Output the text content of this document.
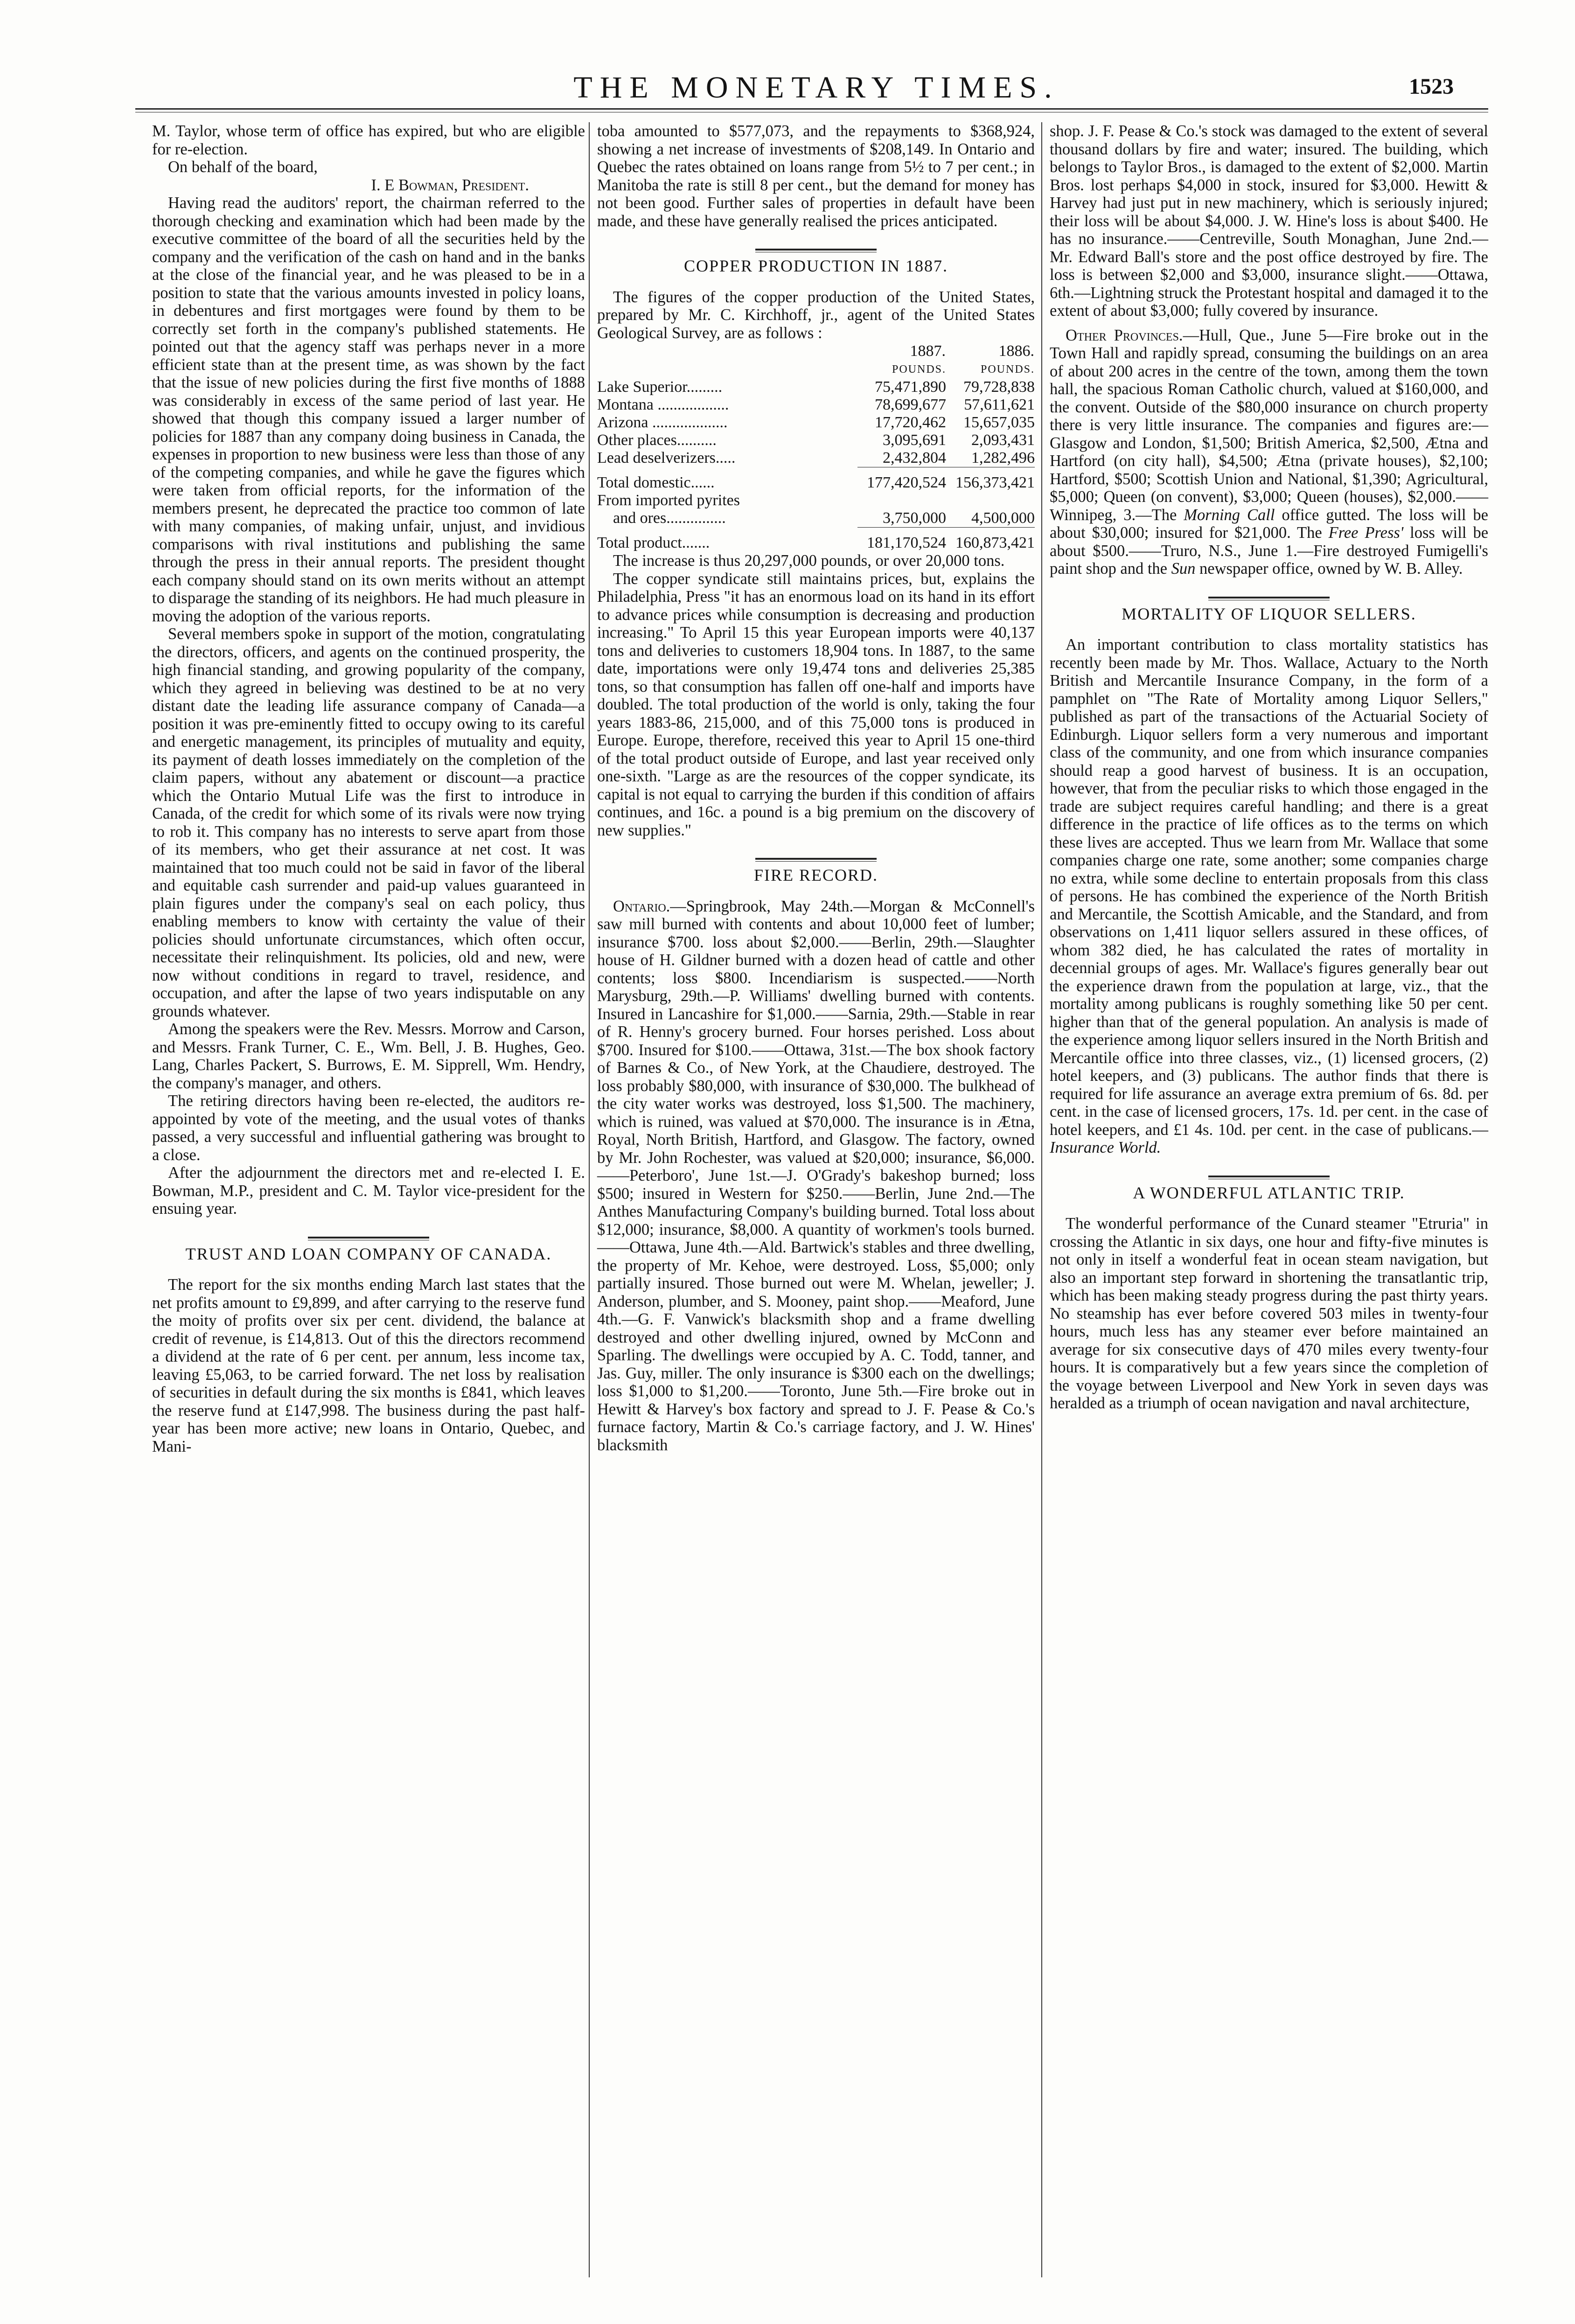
THE MONETARY TIMES.	1523

M. Taylor, whose term of office has expired, but who are eligible for re-election.

On behalf of the board,

I. E Bowman, President.

Having read the auditors' report, the chairman referred to the thorough checking and examination which had been made by the executive committee of the board of all the securities held by the company and the verification of the cash on hand and in the banks at the close of the financial year, and he was pleased to be in a position to state that the various amounts invested in policy loans, in debentures and first mortgages were found by them to be correctly set forth in the company's published statements. He pointed out that the agency staff was perhaps never in a more efficient state than at the present time, as was shown by the fact that the issue of new policies during the first five months of 1888 was considerably in excess of the same period of last year. He showed that though this company issued a larger number of policies for 1887 than any company doing business in Canada, the expenses in proportion to new business were less than those of any of the competing companies, and while he gave the figures which were taken from official reports, for the information of the members present, he deprecated the practice too common of late with many companies, of making unfair, unjust, and invidious comparisons with rival institutions and publishing the same through the press in their annual reports. The president thought each company should stand on its own merits without an attempt to disparage the standing of its neighbors. He had much pleasure in moving the adoption of the various reports.

Several members spoke in support of the motion, congratulating the directors, officers, and agents on the continued prosperity, the high financial standing, and growing popularity of the company, which they agreed in believing was destined to be at no very distant date the leading life assurance company of Canada—a position it was pre-eminently fitted to occupy owing to its careful and energetic management, its principles of mutuality and equity, its payment of death losses immediately on the completion of the claim papers, without any abatement or discount—a practice which the Ontario Mutual Life was the first to introduce in Canada, of the credit for which some of its rivals were now trying to rob it. This company has no interests to serve apart from those of its members, who get their assurance at net cost. It was maintained that too much could not be said in favor of the liberal and equitable cash surrender and paid-up values guaranteed in plain figures under the company's seal on each policy, thus enabling members to know with certainty the value of their policies should unfortunate circumstances, which often occur, necessitate their relinquishment. Its policies, old and new, were now without conditions in regard to travel, residence, and occupation, and after the lapse of two years indisputable on any grounds whatever.

Among the speakers were the Rev. Messrs. Morrow and Carson, and Messrs. Frank Turner, C. E., Wm. Bell, J. B. Hughes, Geo. Lang, Charles Packert, S. Burrows, E. M. Sipprell, Wm. Hendry, the company's manager, and others.

The retiring directors having been re-elected, the auditors re-appointed by vote of the meeting, and the usual votes of thanks passed, a very successful and influential gathering was brought to a close.

After the adjournment the directors met and re-elected I. E. Bowman, M.P., president and C. M. Taylor vice-president for the ensuing year.

TRUST AND LOAN COMPANY OF CANADA.

The report for the six months ending March last states that the net profits amount to £9,899, and after carrying to the reserve fund the moity of profits over six per cent. dividend, the balance at credit of revenue, is £14,813. Out of this the directors recommend a dividend at the rate of 6 per cent. per annum, less income tax, leaving £5,063, to be carried forward. The net loss by realisation of securities in default during the six months is £841, which leaves the reserve fund at £147,998. The business during the past half-year has been more active; new loans in Ontario, Quebec, and Mani-

toba amounted to $577,073, and the repayments to $368,924, showing a net increase of investments of $208,149. In Ontario and Quebec the rates obtained on loans range from 5½ to 7 per cent.; in Manitoba the rate is still 8 per cent., but the demand for money has not been good. Further sales of properties in default have been made, and these have generally realised the prices anticipated.

COPPER PRODUCTION IN 1887.

The figures of the copper production of the United States, prepared by Mr. C. Kirchhoff, jr., agent of the United States Geological Survey, are as follows :

	1887.	1886.
	POUNDS.	POUNDS.
Lake Superior.........	75,471,890	79,728,838
Montana ..................	78,699,677	57,611,621
Arizona ...................	17,720,462	15,657,035
Other places..........	3,095,691	2,093,431
Lead deselverizers.....	2,432,804	1,282,496
Total domestic......	177,420,524	156,373,421
From imported pyrites		
and ores...............	3,750,000	4,500,000
Total product.......	181,170,524	160,873,421

The increase is thus 20,297,000 pounds, or over 20,000 tons.

The copper syndicate still maintains prices, but, explains the Philadelphia, Press "it has an enormous load on its hand in its effort to advance prices while consumption is decreasing and production increasing." To April 15 this year European imports were 40,137 tons and deliveries to customers 18,904 tons. In 1887, to the same date, importations were only 19,474 tons and deliveries 25,385 tons, so that consumption has fallen off one-half and imports have doubled. The total production of the world is only, taking the four years 1883-86, 215,000, and of this 75,000 tons is produced in Europe. Europe, therefore, received this year to April 15 one-third of the total product outside of Europe, and last year received only one-sixth. "Large as are the resources of the copper syndicate, its capital is not equal to carrying the burden if this condition of affairs continues, and 16c. a pound is a big premium on the discovery of new supplies."

FIRE RECORD.

Ontario.—Springbrook, May 24th.—Morgan & McConnell's saw mill burned with contents and about 10,000 feet of lumber; insurance $700. loss about $2,000.——Berlin, 29th.—Slaughter house of H. Gildner burned with a dozen head of cattle and other contents; loss $800. Incendiarism is suspected.——North Marysburg, 29th.—P. Williams' dwelling burned with contents. Insured in Lancashire for $1,000.——Sarnia, 29th.—Stable in rear of R. Henny's grocery burned. Four horses perished. Loss about $700. Insured for $100.——Ottawa, 31st.—The box shook factory of Barnes & Co., of New York, at the Chaudiere, destroyed. The loss probably $80,000, with insurance of $30,000. The bulkhead of the city water works was destroyed, loss $1,500. The machinery, which is ruined, was valued at $70,000. The insurance is in Ætna, Royal, North British, Hartford, and Glasgow. The factory, owned by Mr. John Rochester, was valued at $20,000; insurance, $6,000.——Peterboro', June 1st.—J. O'Grady's bakeshop burned; loss $500; insured in Western for $250.——Berlin, June 2nd.—The Anthes Manufacturing Company's building burned. Total loss about $12,000; insurance, $8,000. A quantity of workmen's tools burned.——Ottawa, June 4th.—Ald. Bartwick's stables and three dwelling, the property of Mr. Kehoe, were destroyed. Loss, $5,000; only partially insured. Those burned out were M. Whelan, jeweller; J. Anderson, plumber, and S. Mooney, paint shop.——Meaford, June 4th.—G. F. Vanwick's blacksmith shop and a frame dwelling destroyed and other dwelling injured, owned by McConn and Sparling. The dwellings were occupied by A. C. Todd, tanner, and Jas. Guy, miller. The only insurance is $300 each on the dwellings; loss $1,000 to $1,200.——Toronto, June 5th.—Fire broke out in Hewitt & Harvey's box factory and spread to J. F. Pease & Co.'s furnace factory, Martin & Co.'s carriage factory, and J. W. Hines' blacksmith

shop. J. F. Pease & Co.'s stock was damaged to the extent of several thousand dollars by fire and water; insured. The building, which belongs to Taylor Bros., is damaged to the extent of $2,000. Martin Bros. lost perhaps $4,000 in stock, insured for $3,000. Hewitt & Harvey had just put in new machinery, which is seriously injured; their loss will be about $4,000. J. W. Hine's loss is about $400. He has no insurance.——Centreville, South Monaghan, June 2nd.—Mr. Edward Ball's store and the post office destroyed by fire. The loss is between $2,000 and $3,000, insurance slight.——Ottawa, 6th.—Lightning struck the Protestant hospital and damaged it to the extent of about $3,000; fully covered by insurance.

Other Provinces.—Hull, Que., June 5—Fire broke out in the Town Hall and rapidly spread, consuming the buildings on an area of about 200 acres in the centre of the town, among them the town hall, the spacious Roman Catholic church, valued at $160,000, and the convent. Outside of the $80,000 insurance on church property there is very little insurance. The companies and figures are:—Glasgow and London, $1,500; British America, $2,500, Ætna and Hartford (on city hall), $4,500; Ætna (private houses), $2,100; Hartford, $500; Scottish Union and National, $1,390; Agricultural, $5,000; Queen (on convent), $3,000; Queen (houses), $2,000.——Winnipeg, 3.—The Morning Call office gutted. The loss will be about $30,000; insured for $21,000. The Free Press' loss will be about $500.——Truro, N.S., June 1.—Fire destroyed Fumigelli's paint shop and the Sun newspaper office, owned by W. B. Alley.

MORTALITY OF LIQUOR SELLERS.

An important contribution to class mortality statistics has recently been made by Mr. Thos. Wallace, Actuary to the North British and Mercantile Insurance Company, in the form of a pamphlet on "The Rate of Mortality among Liquor Sellers," published as part of the transactions of the Actuarial Society of Edinburgh. Liquor sellers form a very numerous and important class of the community, and one from which insurance companies should reap a good harvest of business. It is an occupation, however, that from the peculiar risks to which those engaged in the trade are subject requires careful handling; and there is a great difference in the practice of life offices as to the terms on which these lives are accepted. Thus we learn from Mr. Wallace that some companies charge one rate, some another; some companies charge no extra, while some decline to entertain proposals from this class of persons. He has combined the experience of the North British and Mercantile, the Scottish Amicable, and the Standard, and from observations on 1,411 liquor sellers assured in these offices, of whom 382 died, he has calculated the rates of mortality in decennial groups of ages. Mr. Wallace's figures generally bear out the experience drawn from the population at large, viz., that the mortality among publicans is roughly something like 50 per cent. higher than that of the general population. An analysis is made of the experience among liquor sellers insured in the North British and Mercantile office into three classes, viz., (1) licensed grocers, (2) hotel keepers, and (3) publicans. The author finds that there is required for life assurance an average extra premium of 6s. 8d. per cent. in the case of licensed grocers, 17s. 1d. per cent. in the case of hotel keepers, and £1 4s. 10d. per cent. in the case of publicans.—Insurance World.

A WONDERFUL ATLANTIC TRIP.

The wonderful performance of the Cunard steamer "Etruria" in crossing the Atlantic in six days, one hour and fifty-five minutes is not only in itself a wonderful feat in ocean steam navigation, but also an important step forward in shortening the transatlantic trip, which has been making steady progress during the past thirty years. No steamship has ever before covered 503 miles in twenty-four hours, much less has any steamer ever before maintained an average for six consecutive days of 470 miles every twenty-four hours. It is comparatively but a few years since the completion of the voyage between Liverpool and New York in seven days was heralded as a triumph of ocean navigation and naval architecture,
